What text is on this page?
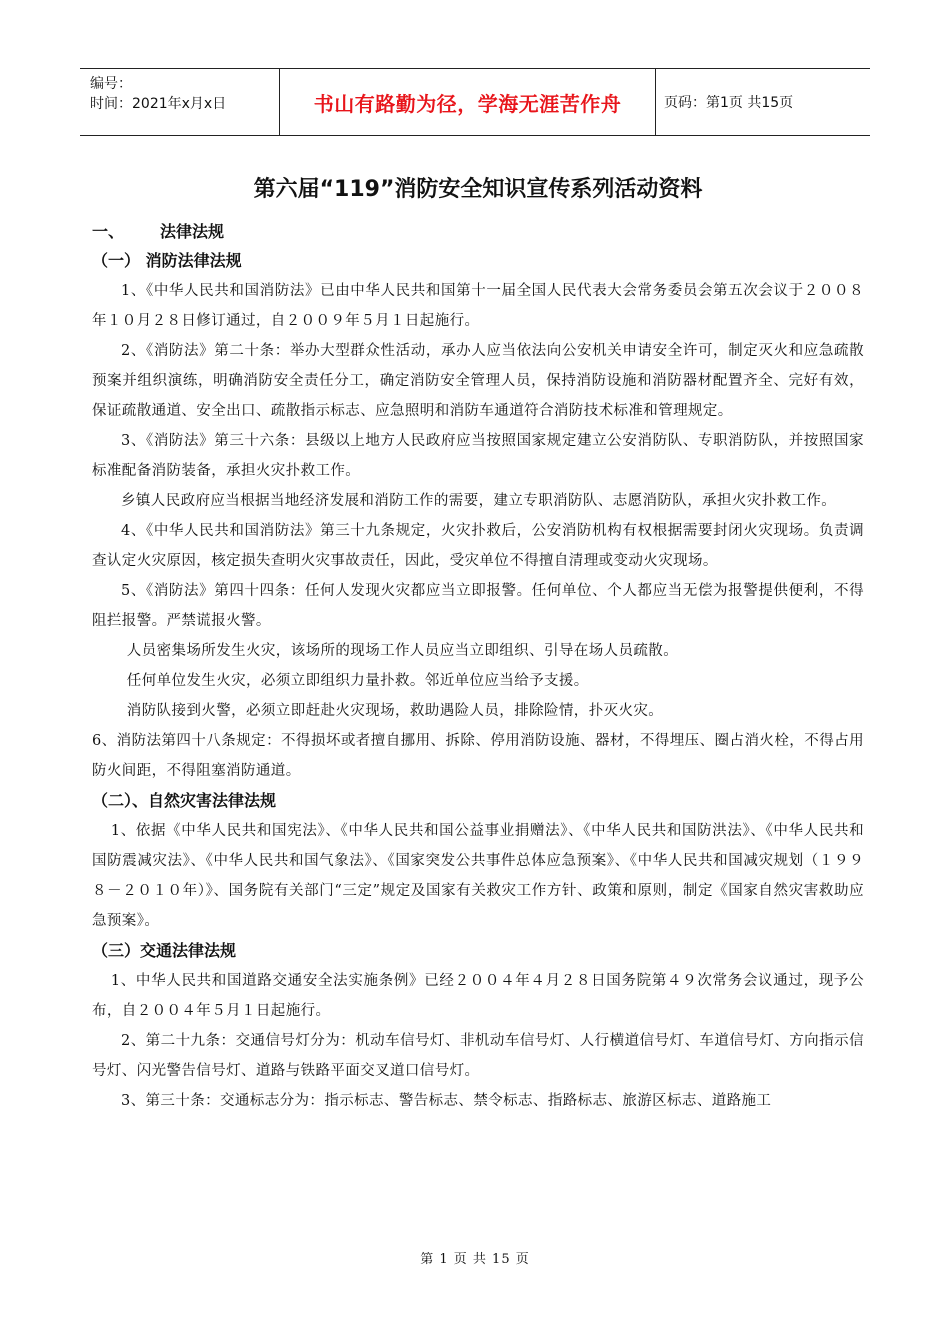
编号：
时间：2021年x月x日	书山有路勤为径，学海无涯苦作舟	页码：第1页 共15页
第六届“119”消防安全知识宣传系列活动资料
一、	法律法规
（一） 消防法律法规
1、《中华人民共和国消防法》已由中华人民共和国第十一届全国人民代表大会常务委员会第五次会议于２００８年１０月２８日修订通过，自２００９年５月１日起施行。
2、《消防法》第二十条：举办大型群众性活动，承办人应当依法向公安机关申请安全许可，制定灭火和应急疏散预案并组织演练，明确消防安全责任分工，确定消防安全管理人员，保持消防设施和消防器材配置齐全、完好有效，保证疏散通道、安全出口、疏散指示标志、应急照明和消防车通道符合消防技术标准和管理规定。
3、《消防法》第三十六条：县级以上地方人民政府应当按照国家规定建立公安消防队、专职消防队，并按照国家标准配备消防装备，承担火灾扑救工作。
乡镇人民政府应当根据当地经济发展和消防工作的需要，建立专职消防队、志愿消防队，承担火灾扑救工作。
4、《中华人民共和国消防法》第三十九条规定，火灾扑救后，公安消防机构有权根据需要封闭火灾现场。负责调查认定火灾原因，核定损失查明火灾事故责任，因此，受灾单位不得擅自清理或变动火灾现场。
5、《消防法》第四十四条：任何人发现火灾都应当立即报警。任何单位、个人都应当无偿为报警提供便利，不得阻拦报警。严禁谎报火警。
人员密集场所发生火灾，该场所的现场工作人员应当立即组织、引导在场人员疏散。
任何单位发生火灾，必须立即组织力量扑救。邻近单位应当给予支援。
消防队接到火警，必须立即赶赴火灾现场，救助遇险人员，排除险情，扑灭火灾。
6、消防法第四十八条规定：不得损坏或者擅自挪用、拆除、停用消防设施、器材，不得埋压、圈占消火栓，不得占用防火间距，不得阻塞消防通道。
（二）、自然灾害法律法规
1、依据《中华人民共和国宪法》、《中华人民共和国公益事业捐赠法》、《中华人民共和国防洪法》、《中华人民共和国防震减灾法》、《中华人民共和国气象法》、《国家突发公共事件总体应急预案》、《中华人民共和国减灾规划（１９９８－２０１０年）》、国务院有关部门“三定”规定及国家有关救灾工作方针、政策和原则，制定《国家自然灾害救助应急预案》。
（三）交通法律法规
1、中华人民共和国道路交通安全法实施条例》已经２００４年４月２８日国务院第４９次常务会议通过，现予公布，自２００４年５月１日起施行。
2、第二十九条：交通信号灯分为：机动车信号灯、非机动车信号灯、人行横道信号灯、车道信号灯、方向指示信号灯、闪光警告信号灯、道路与铁路平面交叉道口信号灯。
3、第三十条：交通标志分为：指示标志、警告标志、禁令标志、指路标志、旅游区标志、道路施工
第 1 页 共 15 页
